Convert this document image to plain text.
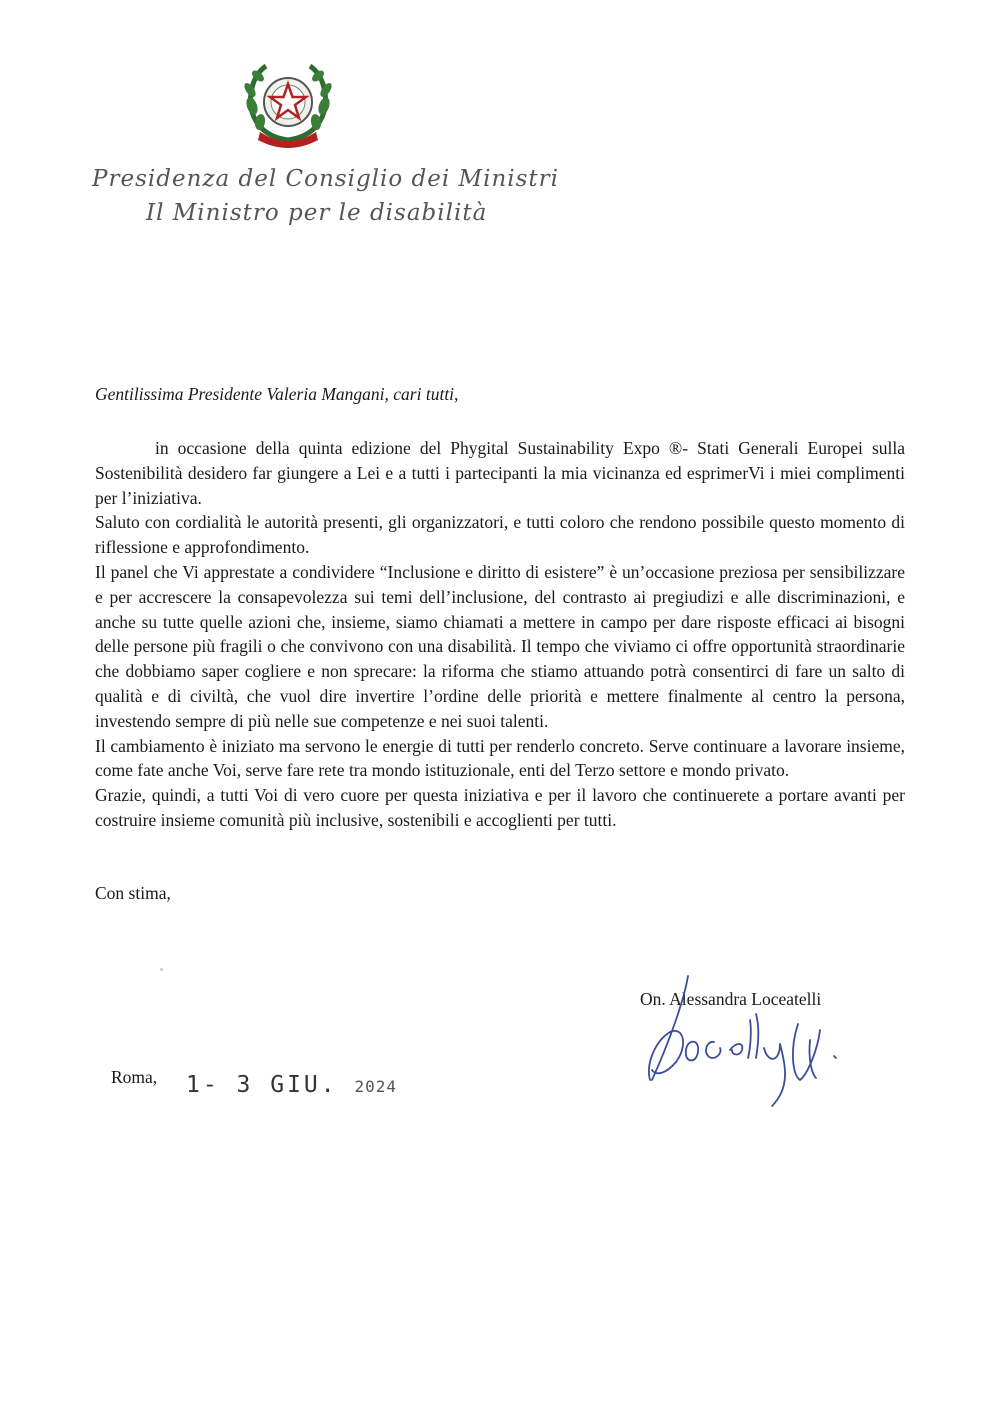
Presidenza del Consiglio dei Ministri
Il Ministro per le disabilità
Gentilissima Presidente Valeria Mangani, cari tutti,

in occasione della quinta edizione del Phygital Sustainability Expo ®- Stati Generali Europei sulla Sostenibilità desidero far giungere a Lei e a tutti i partecipanti la mia vicinanza ed esprimerVi i miei complimenti per l’iniziativa.

Saluto con cordialità le autorità presenti, gli organizzatori, e tutti coloro che rendono possibile questo momento di riflessione e approfondimento.

Il panel che Vi apprestate a condividere “Inclusione e diritto di esistere” è un’occasione preziosa per sensibilizzare e per accrescere la consapevolezza sui temi dell’inclusione, del contrasto ai pregiudizi e alle discriminazioni, e anche su tutte quelle azioni che, insieme, siamo chiamati a mettere in campo per dare risposte efficaci ai bisogni delle persone più fragili o che convivono con una disabilità. Il tempo che viviamo ci offre opportunità straordinarie che dobbiamo saper cogliere e non sprecare: la riforma che stiamo attuando potrà consentirci di fare un salto di qualità e di civiltà, che vuol dire invertire l’ordine delle priorità e mettere finalmente al centro la persona, investendo sempre di più nelle sue competenze e nei suoi talenti.

Il cambiamento è iniziato ma servono le energie di tutti per renderlo concreto. Serve continuare a lavorare insieme, come fate anche Voi, serve fare rete tra mondo istituzionale, enti del Terzo settore e mondo privato.

Grazie, quindi, a tutti Voi di vero cuore per questa iniziativa e per il lavoro che continuerete a portare avanti per costruire insieme comunità più inclusive, sostenibili e accoglienti per tutti.

Con stima,
Roma, 1- 3 GIU. 2024
On. Alessandra Loceatelli
